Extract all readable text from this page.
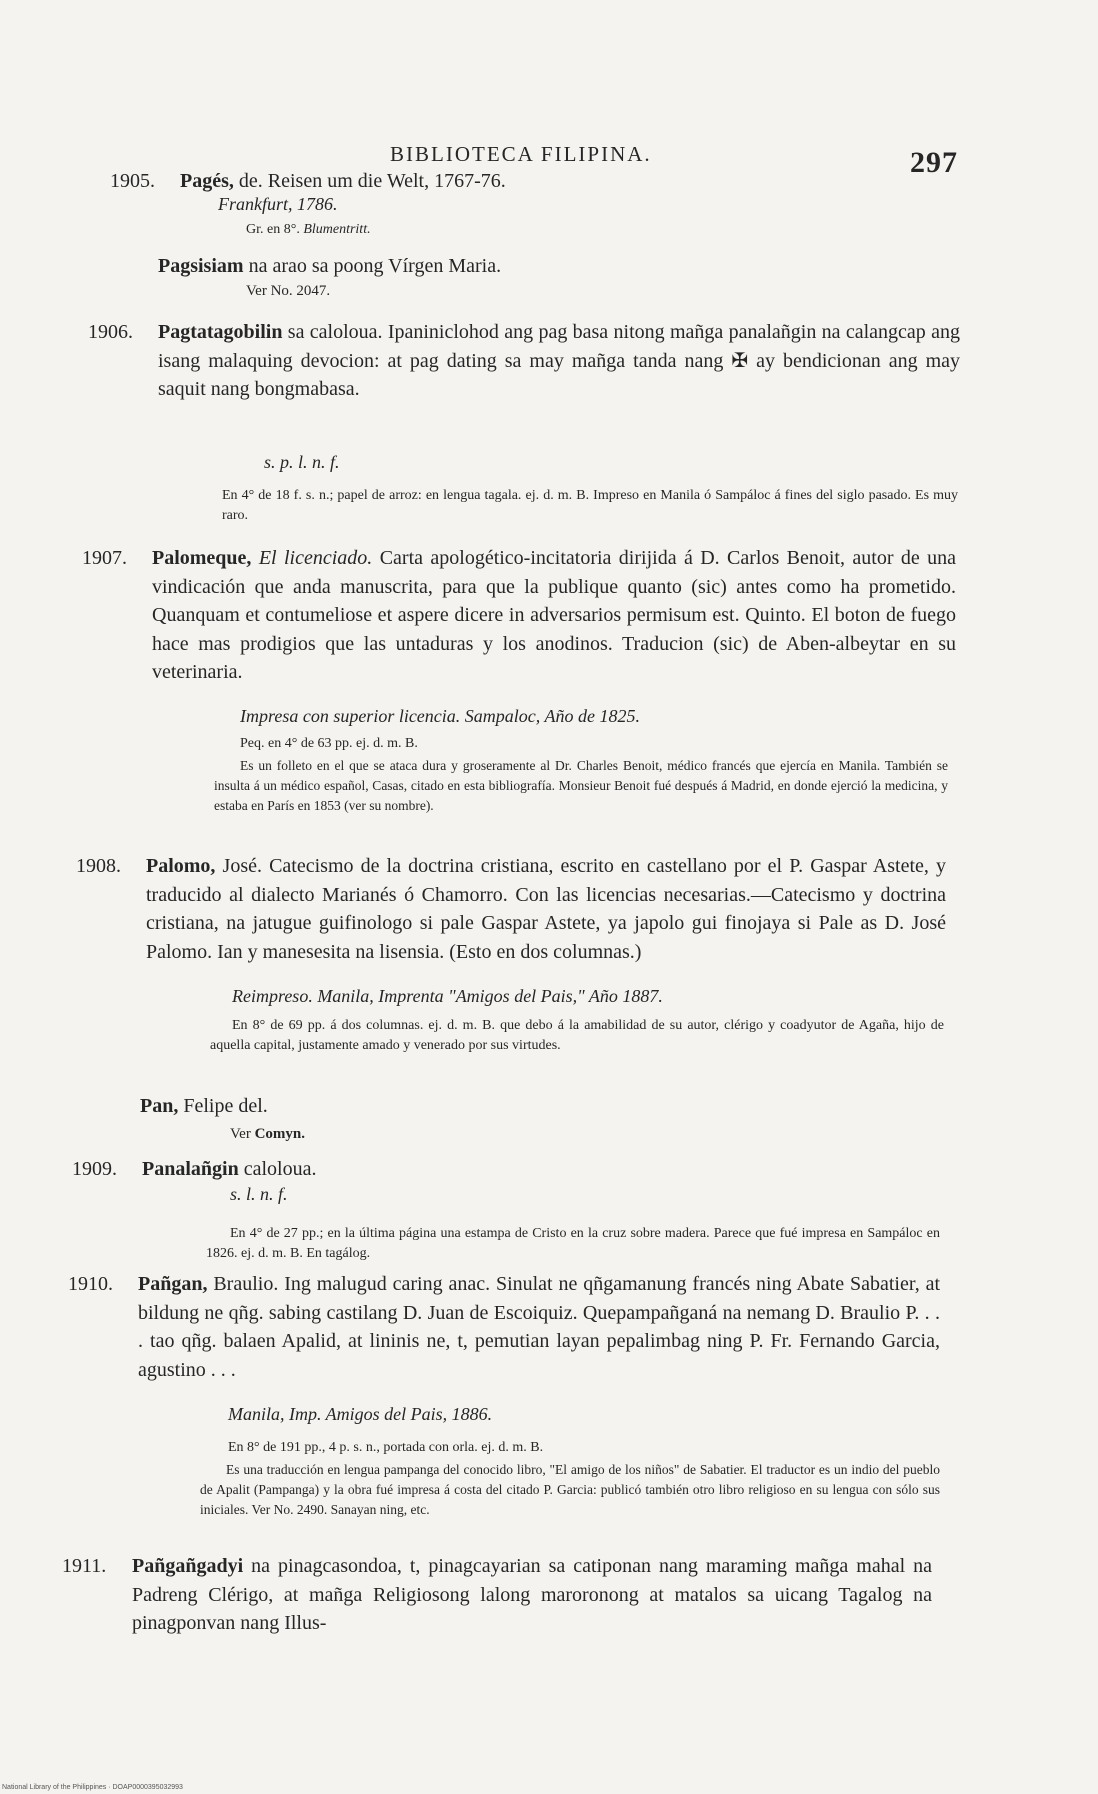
BIBLIOTECA FILIPINA.	297
1905. Pagés, de. Reisen um die Welt, 1767-76.
Frankfurt, 1786.
Gr. en 8°. Blumentritt.
Pagsisiam na arao sa poong Vírgen Maria.
Ver No. 2047.
1906. Pagtatagobilin sa caloloua. Ipaninicloh​od ang pag basa nitong mañga panalañgin na calangcap ang isang malaquing devocion: at pag dating sa may mañga tanda nang ✠ ay bendicionan ang may saquit nang bongmabasa.
s. p. l. n. f.
En 4° de 18 f. s. n.; papel de arroz: en lengua tagala. ej. d. m. B. Impreso en Manila ó Sampáloc á fines del siglo pasado. Es muy raro.
1907. Palomeque, El licenciado. Carta apologético-incitatoria dirijida á D. Carlos Benoit, autor de una vindicación que anda manuscrita, para que la publique quanto (sic) antes como ha prometido. Quanquam et contumeliose et aspere dicere in adversarios permisum est. Quinto. El boton de fuego hace mas prodigios que las untaduras y los anodinos. Traducion (sic) de Aben-albeytar en su veterinaria.
Impresa con superior licencia. Sampaloc, Año de 1825.
Peq. en 4° de 63 pp. ej. d. m. B.
Es un folleto en el que se ataca dura y groseramente al Dr. Charles Benoit, médico francés que ejercía en Manila. También se insulta á un médico español, Casas, citado en esta bibliografía. Monsieur Benoit fué después á Madrid, en donde ejerció la medicina, y estaba en París en 1853 (ver su nombre).
1908. Palomo, José. Catecismo de la doctrina cristiana, escrito en castellano por el P. Gaspar Astete, y traducido al dialecto Marianés ó Chamorro. Con las licencias necesarias.—Catecismo y doctrina cristiana, na jatugue guifinologo si pale Gaspar Astete, ya japolo gui finojaya si Pale as D. José Palomo. Ian y manesesita na lisensia. (Esto en dos columnas.)
Reimpreso. Manila, Imprenta "Amigos del Pais," Año 1887.
En 8° de 69 pp. á dos columnas. ej. d. m. B. que debo á la amabilidad de su autor, clérigo y coadyutor de Agaña, hijo de aquella capital, justamente amado y venerado por sus virtudes.
Pan, Felipe del.
Ver Comyn.
1909. Panalañgin caloloua.
s. l. n. f.
En 4° de 27 pp.; en la última página una estampa de Cristo en la cruz sobre madera. Parece que fué impresa en Sampáloc en 1826. ej. d. m. B. En tagálog.
1910. Pañgan, Braulio. Ing malugud caring anac. Sinulat ne qñgamanung francés ning Abate Sabatier, at bildung ne qñg. sabing castilang D. Juan de Escoiquiz. Quepampañganá na nemang D. Braulio P. . . . tao qñg. balaen Apalid, at lininis ne, t, pemutian layan pepalimbag ning P. Fr. Fernando Garcia, agustino . . .
Manila, Imp. Amigos del Pais, 1886.
En 8° de 191 pp., 4 p. s. n., portada con orla. ej. d. m. B.
Es una traducción en lengua pampanga del conocido libro, "El amigo de los niños" de Sabatier. El traductor es un indio del pueblo de Apalit (Pampanga) y la obra fué impresa á costa del citado P. Garcia: publicó también otro libro religioso en su lengua con sólo sus iniciales. Ver No. 2490. Sanayan ning, etc.
1911. Pañgañgadyi na pinagcasondoa, t, pinagcayarian sa catiponan nang maraming mañga mahal na Padreng Clérigo, at mañga Religiosong lalong maroronong at matalos sa uicang Tagalog na pinagponvan nang Illus-
National Library of the Philippines · DOAP0000395032993
